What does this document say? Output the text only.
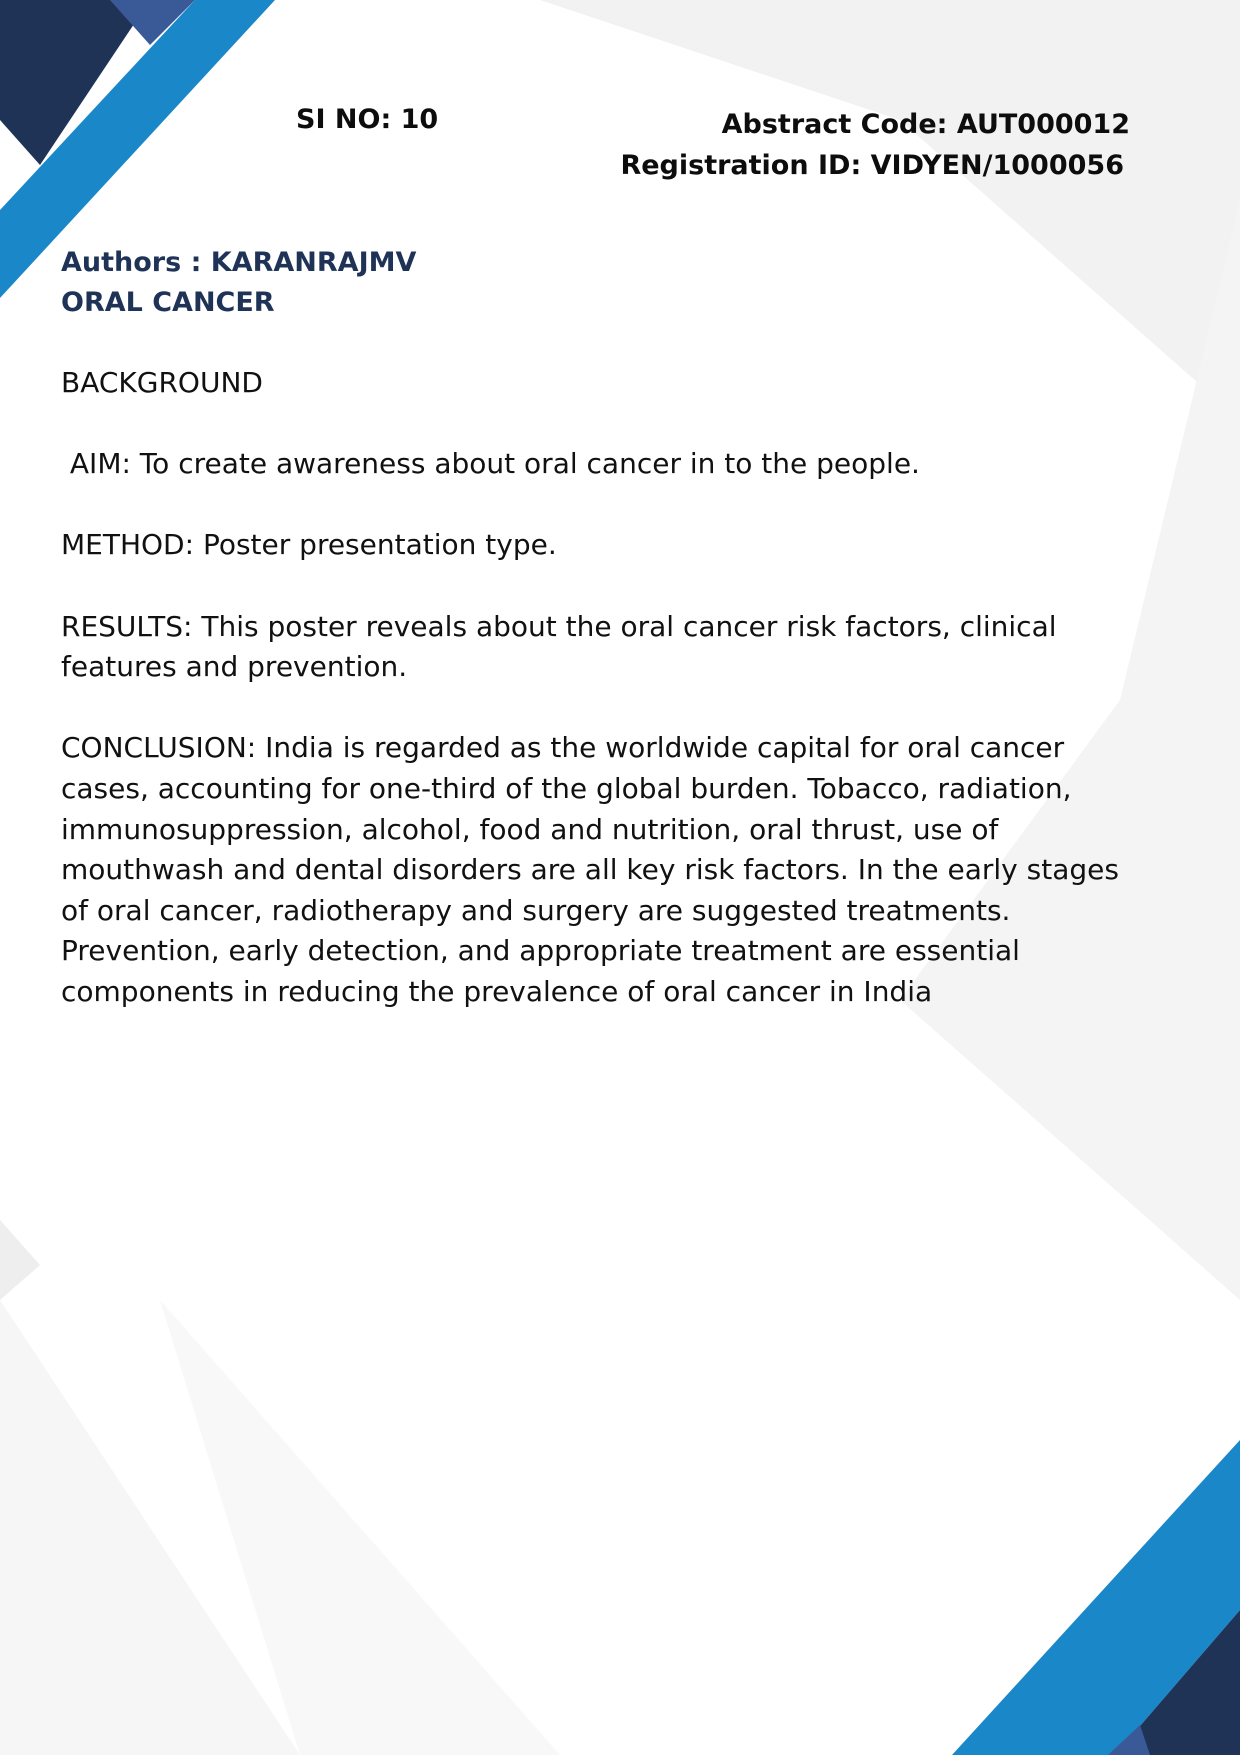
SI NO: 10	Abstract Code: AUT000012
Registration ID: VIDYEN/1000056
Authors : KARANRAJMV
ORAL CANCER

BACKGROUND

AIM: To create awareness about oral cancer in to the people.

METHOD: Poster presentation type.

RESULTS: This poster reveals about the oral cancer risk factors, clinical features and prevention.

CONCLUSION: India is regarded as the worldwide capital for oral cancer cases, accounting for one-third of the global burden. Tobacco, radiation, immunosuppression, alcohol, food and nutrition, oral thrust, use of mouthwash and dental disorders are all key risk factors. In the early stages of oral cancer, radiotherapy and surgery are suggested treatments. Prevention, early detection, and appropriate treatment are essential components in reducing the prevalence of oral cancer in India
